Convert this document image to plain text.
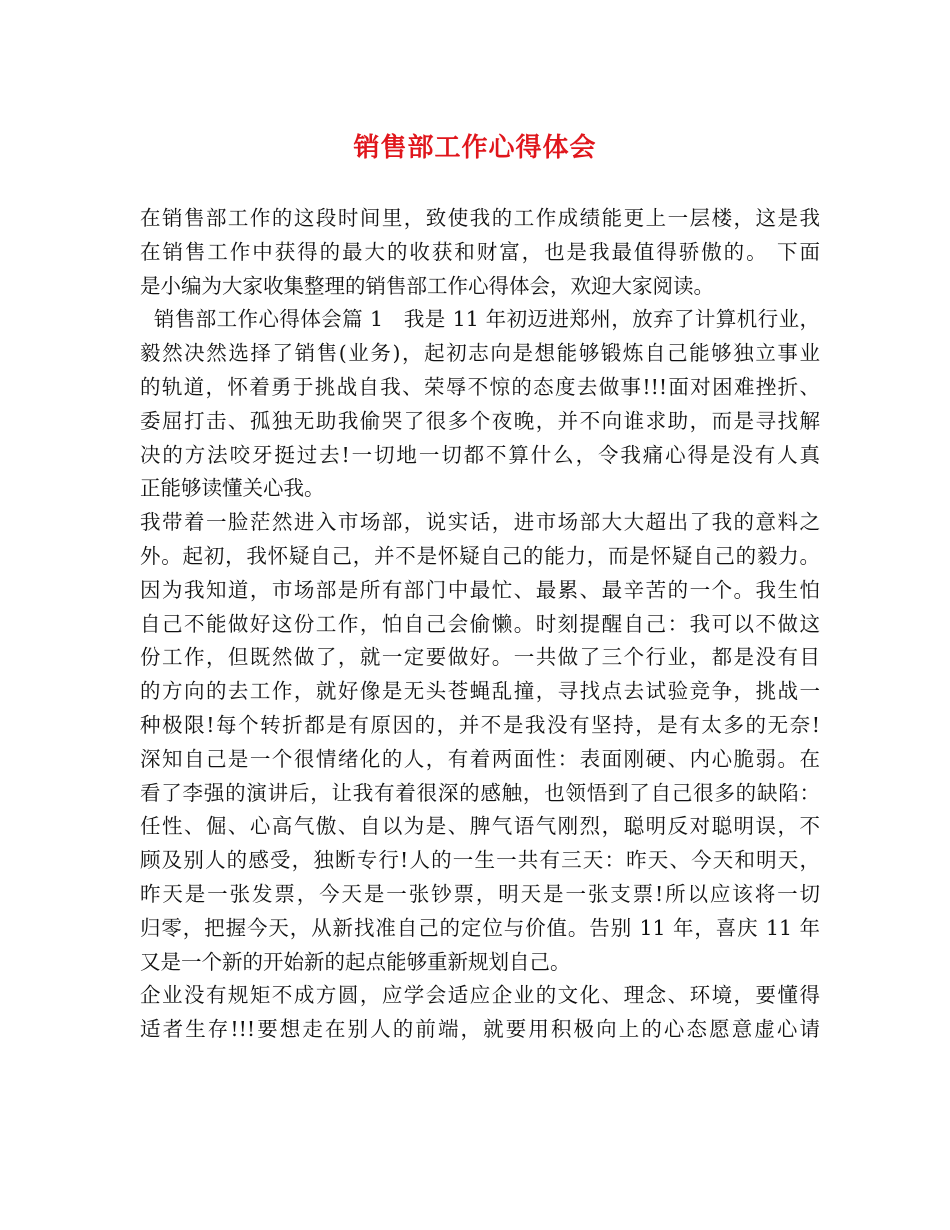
销售部工作心得体会
在销售部工作的这段时间里，致使我的工作成绩能更上一层楼，这是我
在销售工作中获得的最大的收获和财富，也是我最值得骄傲的。 下面
是小编为大家收集整理的销售部工作心得体会，欢迎大家阅读。
销售部工作心得体会篇 1   我是 11 年初迈进郑州，放弃了计算机行业，
毅然决然选择了销售(业务)，起初志向是想能够锻炼自己能够独立事业
的轨道，怀着勇于挑战自我、荣辱不惊的态度去做事!!!面对困难挫折、
委屈打击、孤独无助我偷哭了很多个夜晚，并不向谁求助，而是寻找解
决的方法咬牙挺过去!一切地一切都不算什么，令我痛心得是没有人真
正能够读懂关心我。
我带着一脸茫然进入市场部，说实话，进市场部大大超出了我的意料之
外。起初，我怀疑自己，并不是怀疑自己的能力，而是怀疑自己的毅力。
因为我知道，市场部是所有部门中最忙、最累、最辛苦的一个。我生怕
自己不能做好这份工作，怕自己会偷懒。时刻提醒自己：我可以不做这
份工作，但既然做了，就一定要做好。一共做了三个行业，都是没有目
的方向的去工作，就好像是无头苍蝇乱撞，寻找点去试验竞争，挑战一
种极限!每个转折都是有原因的，并不是我没有坚持，是有太多的无奈!
深知自己是一个很情绪化的人，有着两面性：表面刚硬、内心脆弱。在
看了李强的演讲后，让我有着很深的感触，也领悟到了自己很多的缺陷：
任性、倔、心高气傲、自以为是、脾气语气刚烈，聪明反对聪明误，不
顾及别人的感受，独断专行!人的一生一共有三天：昨天、今天和明天，
昨天是一张发票，今天是一张钞票，明天是一张支票!所以应该将一切
归零，把握今天，从新找准自己的定位与价值。告别 11 年，喜庆 11 年
又是一个新的开始新的起点能够重新规划自己。
企业没有规矩不成方圆，应学会适应企业的文化、理念、环境，要懂得
适者生存!!!要想走在别人的前端，就要用积极向上的心态愿意虚心请
